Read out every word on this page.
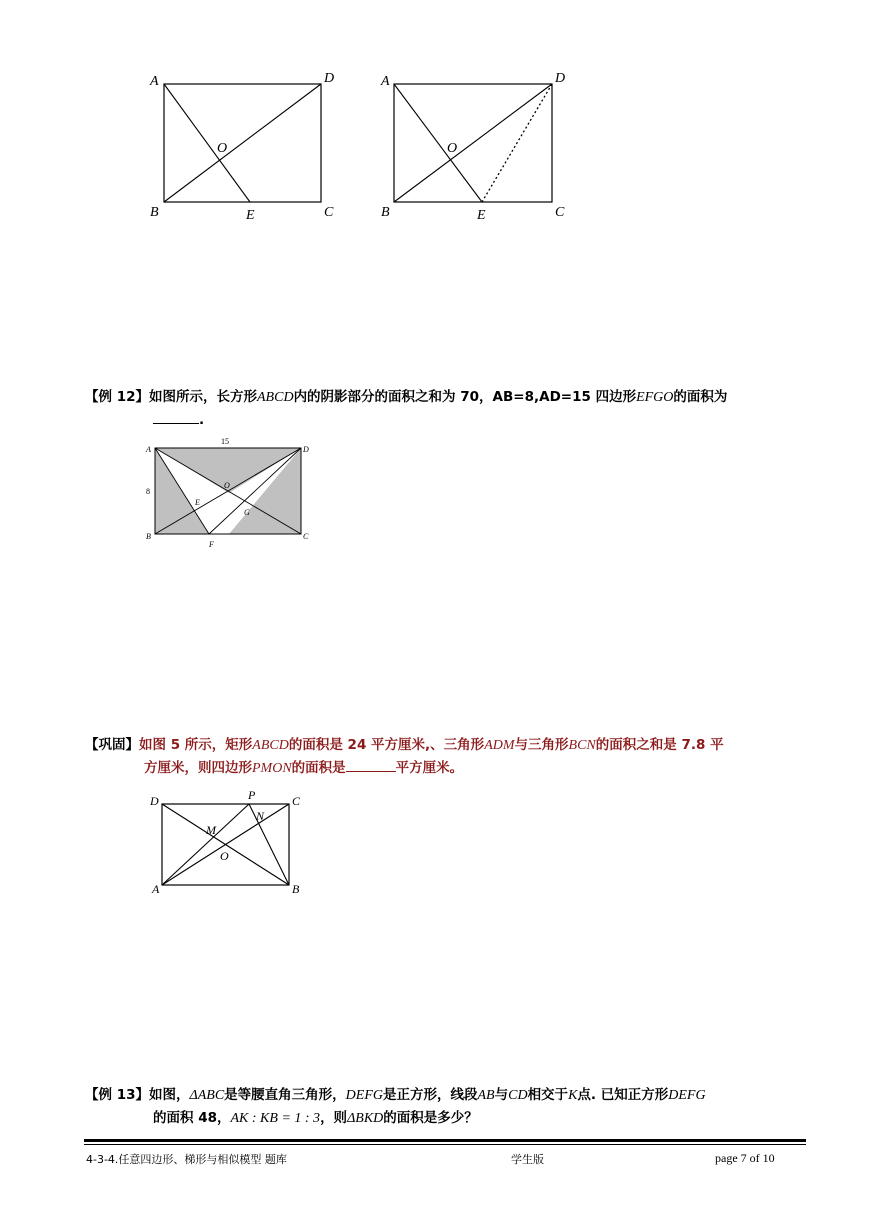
A	D
O
B	E	C
A	D
O
B	E	C
【例 12】如图所示，长方形ABCD内的阴影部分的面积之和为 70，AB=8,AD=15 四边形EFGO的面积为
.
A	D
15
8
O
E
G
B
F
C
【巩固】如图 5 所示，矩形ABCD的面积是 24 平方厘米,、三角形ADM与三角形BCN的面积之和是 7.8 平
方厘米，则四边形PMON的面积是	平方厘米。
D	P	C
M
N
O
A	B
【例 13】如图，ΔABC是等腰直角三角形，DEFG是正方形，线段AB与CD相交于K点. 已知正方形DEFG
的面积 48，AK : KB = 1 : 3，则ΔBKD的面积是多少？
4-3-4.任意四边形、梯形与相似模型 题库	学生版	page 7 of 10
